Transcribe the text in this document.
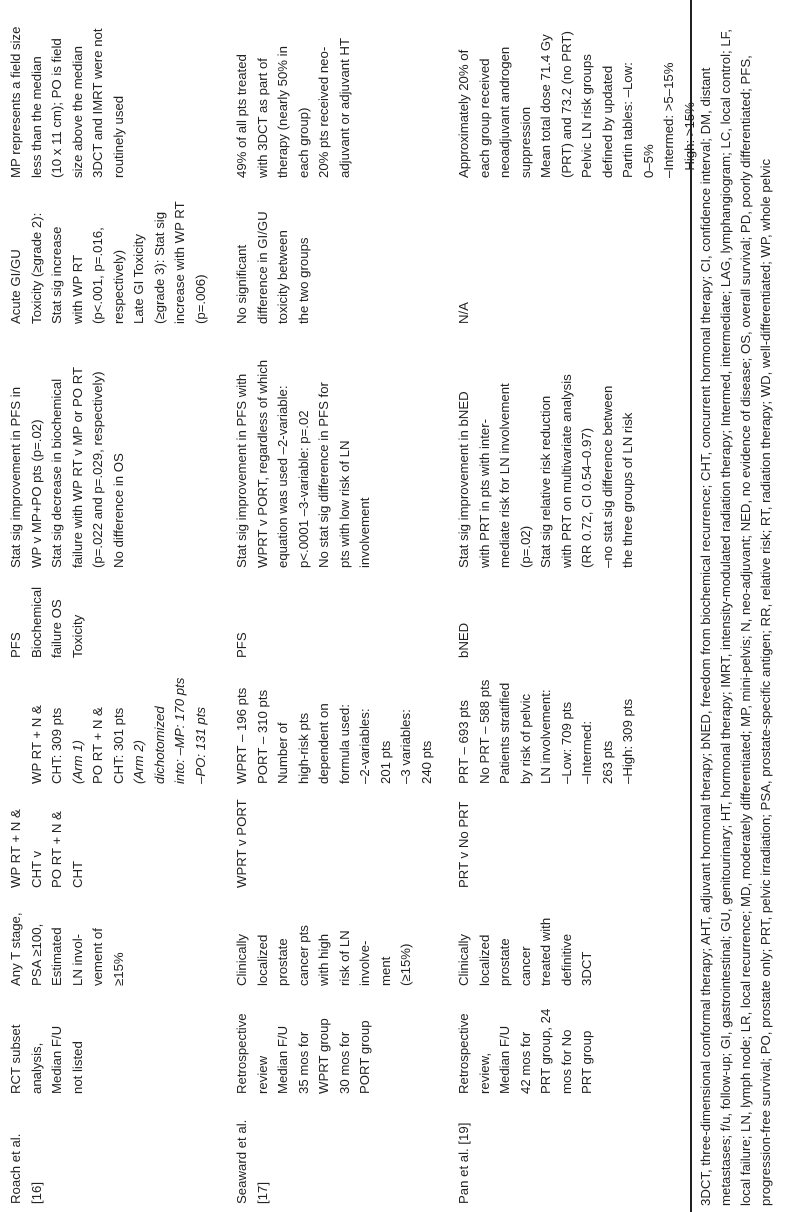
Roach et al.
[16]
RCT subset
analysis,
Median F/U
not listed
Any T stage,
PSA ≥100,
Estimated
LN invol-
vement of
≥15%
WP RT + N &
CHT v
PO RT + N &
CHT

WP RT + N &
CHT: 309 pts
(Arm 1) PO RT + N &
CHT: 301 pts
(Arm 2)
dichotomized
into: –MP: 170 pts
–PO: 131 pts

PFS
Biochemical
failure OS
Toxicity
Stat sig improvement in PFS in
WP v MP+PO pts (p=.02)
Stat sig decrease in biochemical
failure with WP RT v MP or PO RT
(p=.022 and p=.029, respectively)
No difference in OS
Acute GI/GU
Toxicity (≥grade 2):
Stat sig increase
with WP RT
(p<.001, p=.016,
respectively)
Late GI Toxicity
(≥grade 3): Stat sig
increase with WP RT
(p=.006)
MP represents a field size
less than the median
(10 x 11 cm); PO is field
size above the median
3DCT and IMRT were not
routinely used
Seaward et al.
[17]
Retrospective
review
Median F/U
35 mos for
WPRT group
30 mos for
PORT group
Clinically
localized
prostate
cancer pts
with high
risk of LN
involve-
ment
(≥15%)
WPRT v PORT
WPRT – 196 pts
PORT – 310 pts
Number of
high-risk pts
dependent on
formula used:
–2-variables:
201 pts
–3 variables:
240 pts
PFS
Stat sig improvement in PFS with
WPRT v PORT, regardless of which
equation was used –2-variable:
p<.0001 –3-variable: p=.02
No stat sig difference in PFS for
pts with low risk of LN
involvement
No significant
difference in GI/GU
toxicity between
the two groups
49% of all pts treated
with 3DCT as part of
therapy (nearly 50% in
each group)
20% pts received neo-
adjuvant or adjuvant HT
Pan et al. [19]
Retrospective
review,
Median F/U
42 mos for
PRT group, 24
mos for No
PRT group
Clinically
localized
prostate
cancer
treated with
definitive
3DCT
PRT v No PRT
PRT – 693 pts
No PRT – 588 pts
Patients stratified
by risk of pelvic
LN involvement:
–Low: 709 pts
–Intermed:
263 pts
–High: 309 pts
bNED
Stat sig improvement in bNED
with PRT in pts with inter-
mediate risk for LN involvement
(p=.02)
Stat sig relative risk reduction
with PRT on multivariate analysis
(RR 0.72, CI 0.54–0.97)
–no stat sig difference between
the three groups of LN risk
N/A
Approximately 20% of
each group received
neoadjuvant androgen
suppression
Mean total dose 71.4 Gy
(PRT) and 73.2 (no PRT)
Pelvic LN risk groups
defined by updated
Partin tables: –Low:
0–5%
–Intermed: >5–15%
–High: >15% 3DCT, three-dimensional conformal therapy; AHT, adjuvant hormonal therapy; bNED, freedom from biochemical recurrence; CHT, concurrent hormonal therapy; CI, confidence interval; DM, distant metastases; f/u, follow-up; GI, gastrointestinal; GU, genitourinary; HT, hormonal therapy; IMRT, intensity-modulated radiation therapy; Intermed, intermediate; LAG, lymphangiogram; LC, local control; LF, local failure; LN, lymph node; LR, local recurrence; MD, moderately differentiated; MP, mini-pelvis; N, neo-adjuvant; NED, no evidence of disease; OS, overall survival; PD, poorly differentiated; PFS, progression-free survival; PO, prostate only; PRT, pelvic irradiation; PSA, prostate-specific antigen; RR, relative risk; RT, radiation therapy; WD, well-differentiated; WP, whole pelvic
